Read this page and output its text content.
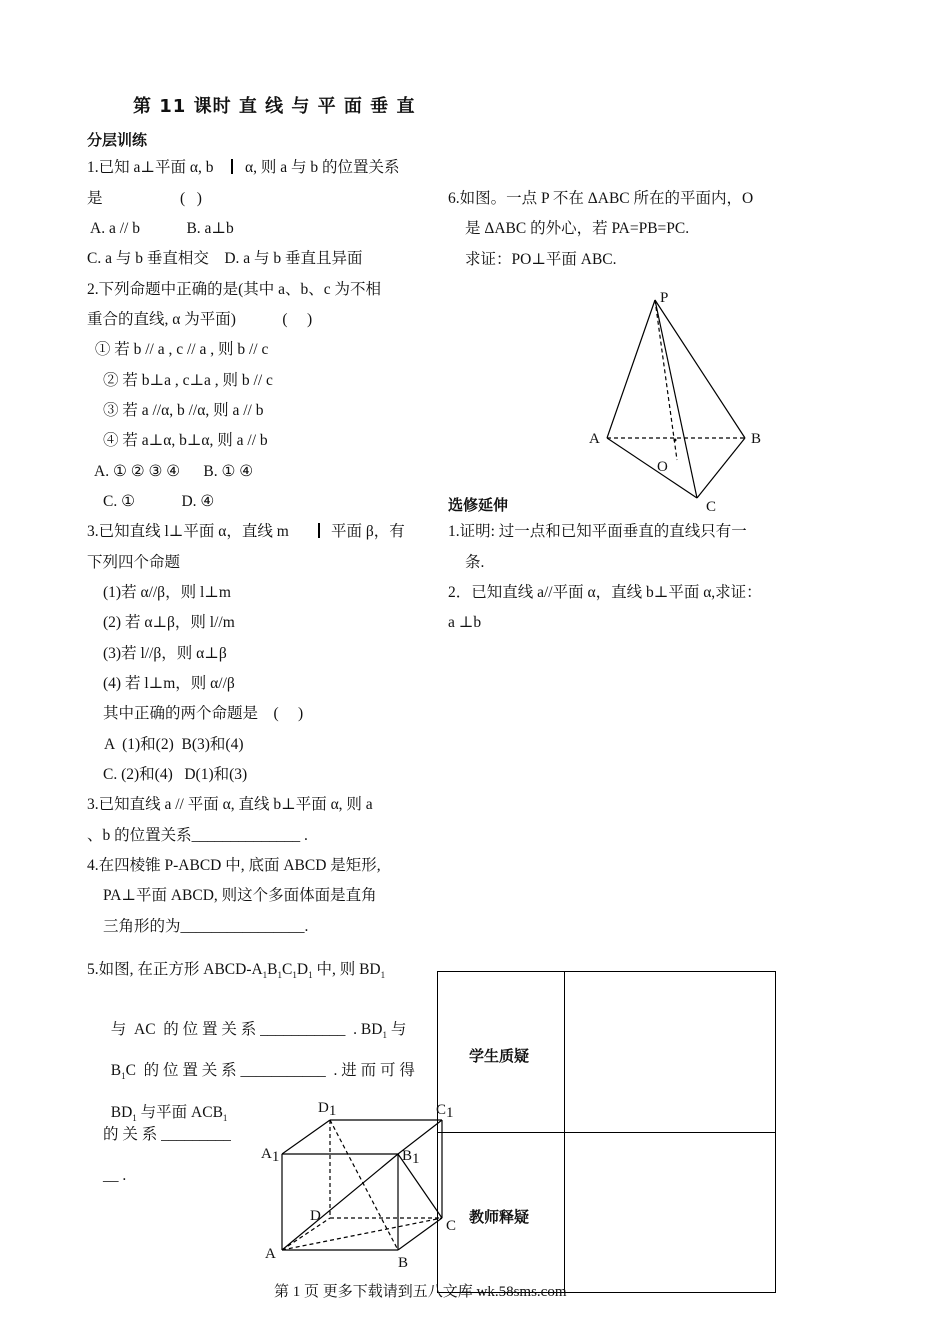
第 11 课时 直 线 与 平 面 垂 直
分层训练
1.已知 a⊥平面 α, b α, 则 a 与 b 的位置关系
是                    (   )
A. a // b            B. a⊥b
C. a 与 b 垂直相交    D. a 与 b 垂直且异面
2.下列命题中正确的是(其中 a、b、c 为不相
重合的直线, α 为平面)            (     )
① 若 b // a , c // a , 则 b // c
② 若 b⊥a , c⊥a , 则 b // c
③ 若 a //α, b //α, 则 a // b
④ 若 a⊥α, b⊥α, 则 a // b
A. ① ② ③ ④      B. ① ④
C. ①            D. ④
3.已知直线 l⊥平面 α，直线 m	平面 β，有
下列四个命题
(1)若 α//β，则 l⊥m
(2) 若 α⊥β，则 l//m
(3)若 l//β，则 α⊥β
(4) 若 l⊥m，则 α//β
其中正确的两个命题是    (     )
A  (1)和(2)  B(3)和(4)
C. (2)和(4)   D(1)和(3)
3.已知直线 a // 平面 α, 直线 b⊥平面 α, 则 a
、b 的位置关系______________ .
4.在四棱锥 P-ABCD 中, 底面 ABCD 是矩形,
PA⊥平面 ABCD, 则这个多面体面是直角
三角形的为________________.
5.如图, 在正方形 ABCD-$A_1B_1C_1D_1$ 中, 则 $BD_1$

与  AC  的 位 置 关 系 ___________  . $BD_1$ 与

$B_1C$  的 位 置 关 系 ___________  . 进 而 可 得

$BD_1$ 与平面 $ACB_1$

的 关 系 _________
__ .
6.如图。一点 P 不在 ΔABC 所在的平面内，O
是 ΔABC 的外心，若 PA=PB=PC.
求证：PO⊥平面 ABC.
P
A	B
C
O
选修延伸
1.证明: 过一点和已知平面垂直的直线只有一
条.
2．已知直线 a//平面 α，直线 b⊥平面 α,求证：
a ⊥b
学生质疑
教师释疑
D1	C1
A1	B1
D
C
A
B
第 1 页 更多下载请到五八文库 wk.58sms.com
